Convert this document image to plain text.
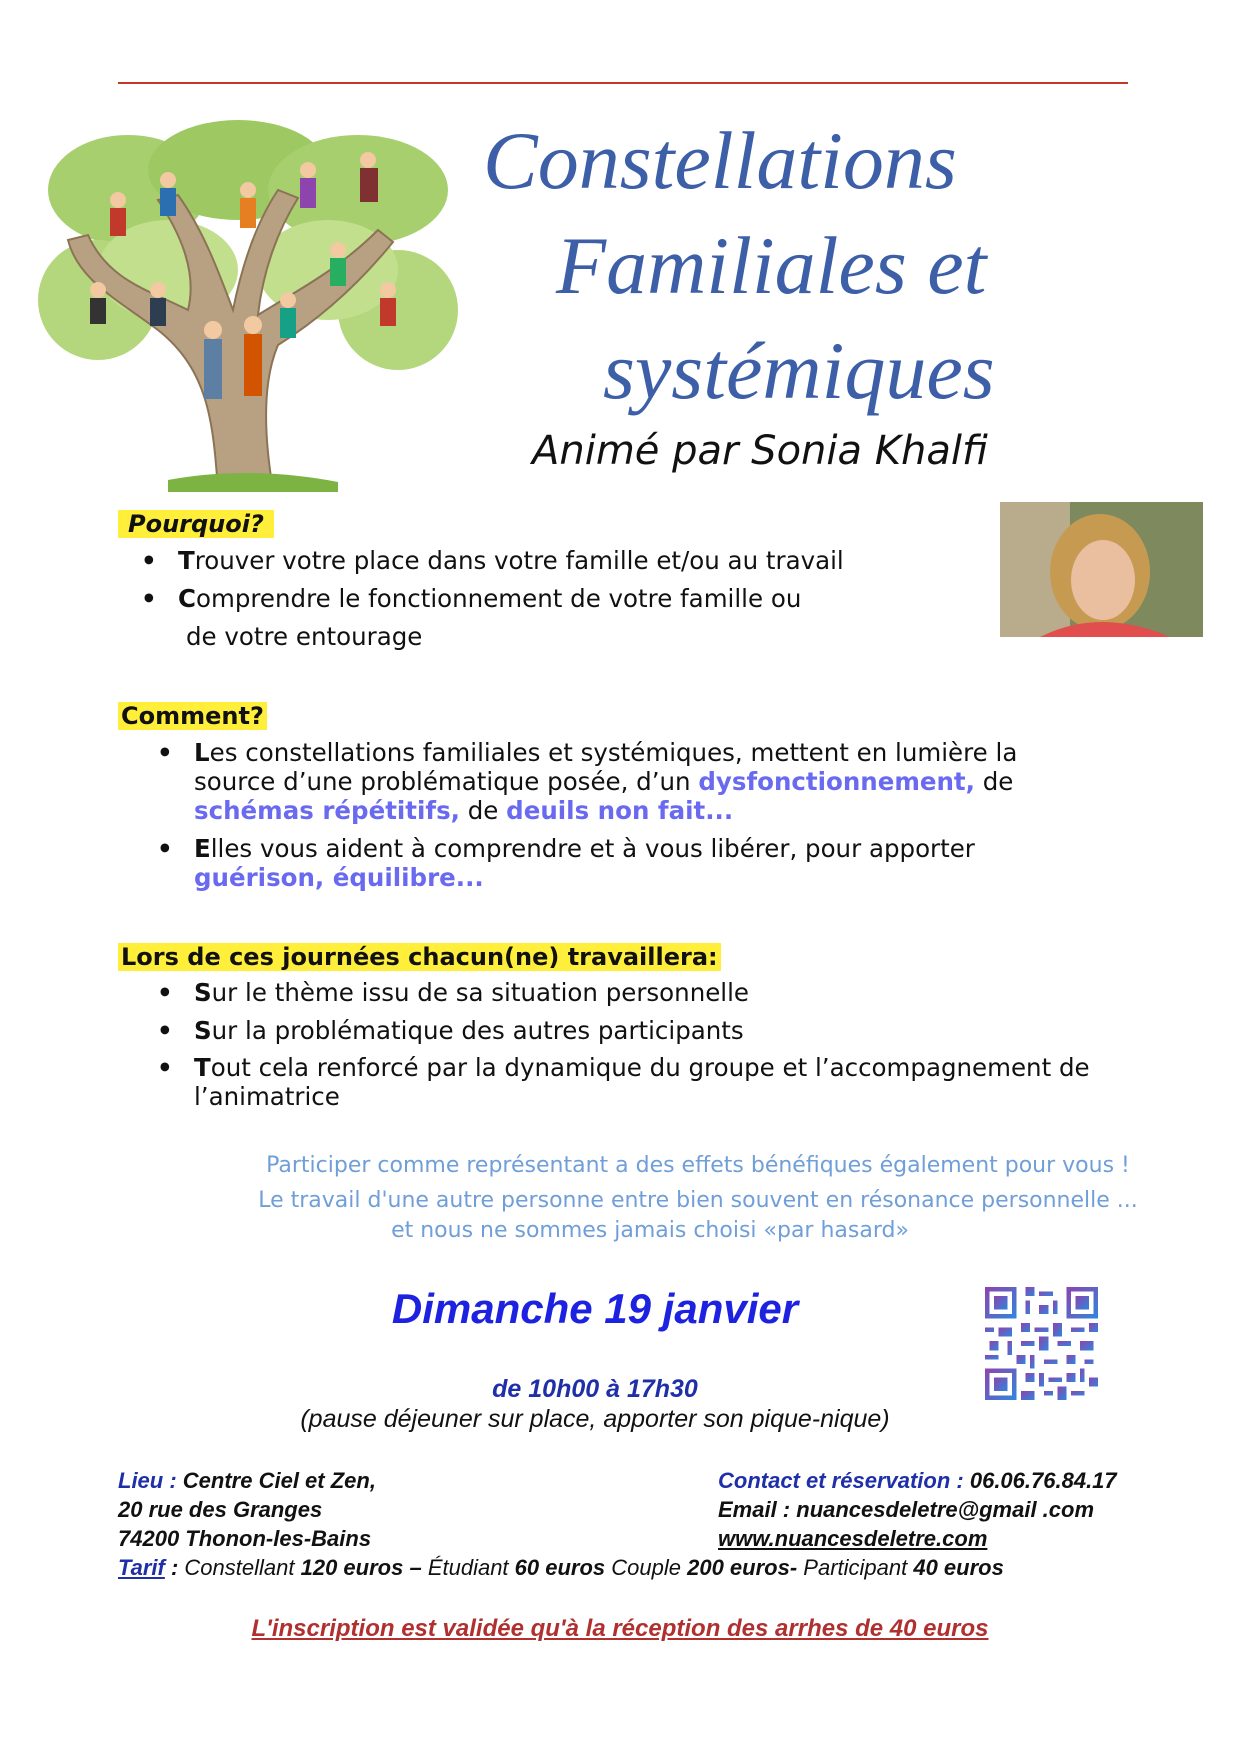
Constellations
Familiales et
systémiques
Animé par Sonia Khalfi
Pourquoi?
• Trouver votre place dans votre famille et/ou au travail
• Comprendre le fonctionnement de votre famille ou
de votre entourage
Comment?
• Les constellations familiales et systémiques, mettent en lumière la
source d’une problématique posée, d’un dysfonctionnement, de
schémas répétitifs, de deuils non fait...
• Elles vous aident à comprendre et à vous libérer, pour apporter
guérison, équilibre...
Lors de ces journées chacun(ne) travaillera:
• Sur le thème issu de sa situation personnelle
• Sur la problématique des autres participants
• Tout cela renforcé par la dynamique du groupe et l’accompagnement de
l’animatrice
Participer comme représentant a des effets bénéfiques également pour vous !
Le travail d'une autre personne entre bien souvent en résonance personnelle ...
et nous ne sommes jamais choisi «par hasard»
Dimanche 19 janvier
de 10h00 à 17h30
(pause déjeuner sur place, apporter son pique-nique)
Lieu : Centre Ciel et Zen,
20 rue des Granges
74200 Thonon-les-Bains
Contact et réservation : 06.06.76.84.17
Email : nuancesdeletre@gmail .com
www.nuancesdeletre.com
Tarif : Constellant 120 euros – Étudiant 60 euros Couple 200 euros- Participant 40 euros
L'inscription est validée qu'à la réception des arrhes de 40 euros
